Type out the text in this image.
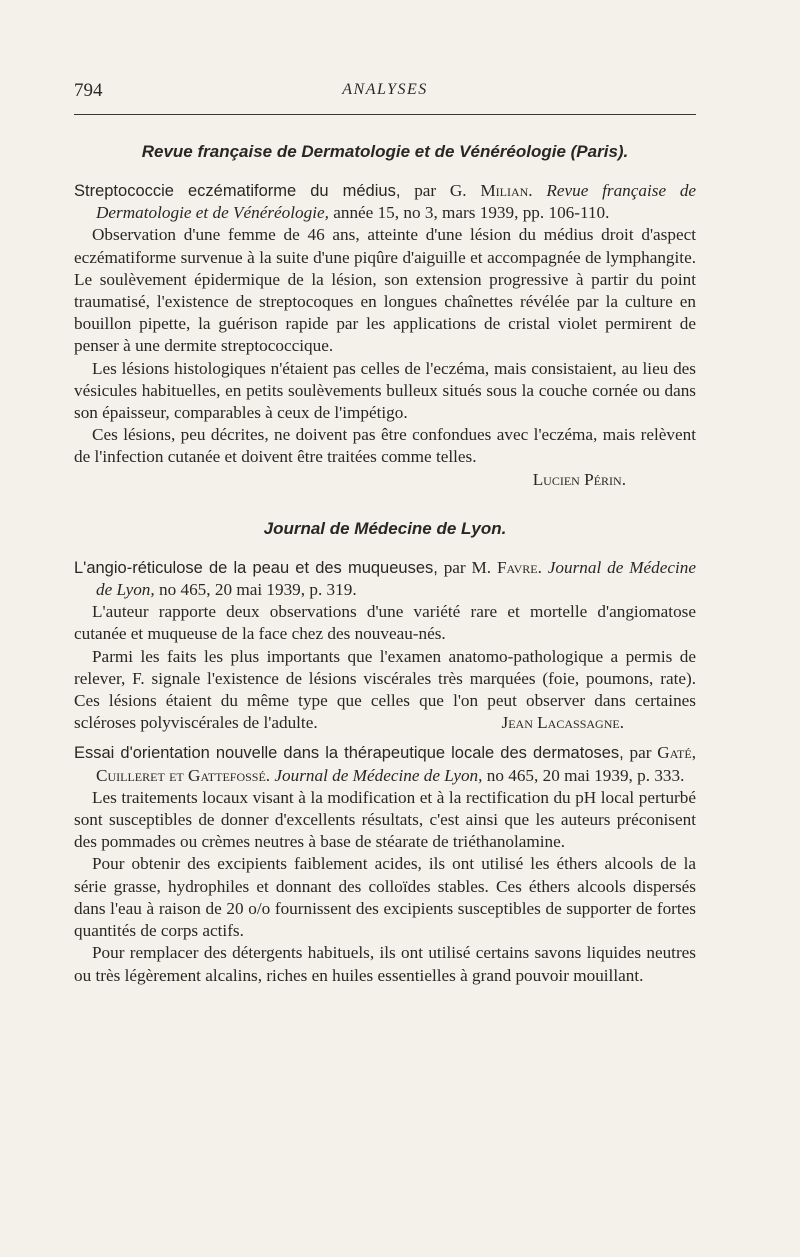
794	ANALYSES
Revue française de Dermatologie et de Vénéréologie (Paris).

Streptococcie eczématiforme du médius, par G. Milian. Revue française de Dermatologie et de Vénéréologie, année 15, no 3, mars 1939, pp. 106-110.

Observation d'une femme de 46 ans, atteinte d'une lésion du médius droit d'aspect eczématiforme survenue à la suite d'une piqûre d'aiguille et accompagnée de lymphangite. Le soulèvement épidermique de la lésion, son extension progressive à partir du point traumatisé, l'existence de streptocoques en longues chaînettes révélée par la culture en bouillon pipette, la guérison rapide par les applications de cristal violet permirent de penser à une dermite streptococcique.

Les lésions histologiques n'étaient pas celles de l'eczéma, mais consistaient, au lieu des vésicules habituelles, en petits soulèvements bulleux situés sous la couche cornée ou dans son épaisseur, comparables à ceux de l'impétigo.

Ces lésions, peu décrites, ne doivent pas être confondues avec l'eczéma, mais relèvent de l'infection cutanée et doivent être traitées comme telles.

Lucien Périn.

Journal de Médecine de Lyon.

L'angio-réticulose de la peau et des muqueuses, par M. Favre. Journal de Médecine de Lyon, no 465, 20 mai 1939, p. 319.

L'auteur rapporte deux observations d'une variété rare et mortelle d'angiomatose cutanée et muqueuse de la face chez des nouveau-nés.

Parmi les faits les plus importants que l'examen anatomo-pathologique a permis de relever, F. signale l'existence de lésions viscérales très marquées (foie, poumons, rate). Ces lésions étaient du même type que celles que l'on peut observer dans certaines scléroses polyviscérales de l'adulte.	Jean Lacassagne.

Essai d'orientation nouvelle dans la thérapeutique locale des dermatoses, par Gaté, Cuilleret et Gattefossé. Journal de Médecine de Lyon, no 465, 20 mai 1939, p. 333.

Les traitements locaux visant à la modification et à la rectification du pH local perturbé sont susceptibles de donner d'excellents résultats, c'est ainsi que les auteurs préconisent des pommades ou crèmes neutres à base de stéarate de triéthanolamine.

Pour obtenir des excipients faiblement acides, ils ont utilisé les éthers alcools de la série grasse, hydrophiles et donnant des colloïdes stables. Ces éthers alcools dispersés dans l'eau à raison de 20 o/o fournissent des excipients susceptibles de supporter de fortes quantités de corps actifs.

Pour remplacer des détergents habituels, ils ont utilisé certains savons liquides neutres ou très légèrement alcalins, riches en huiles essentielles à grand pouvoir mouillant.
